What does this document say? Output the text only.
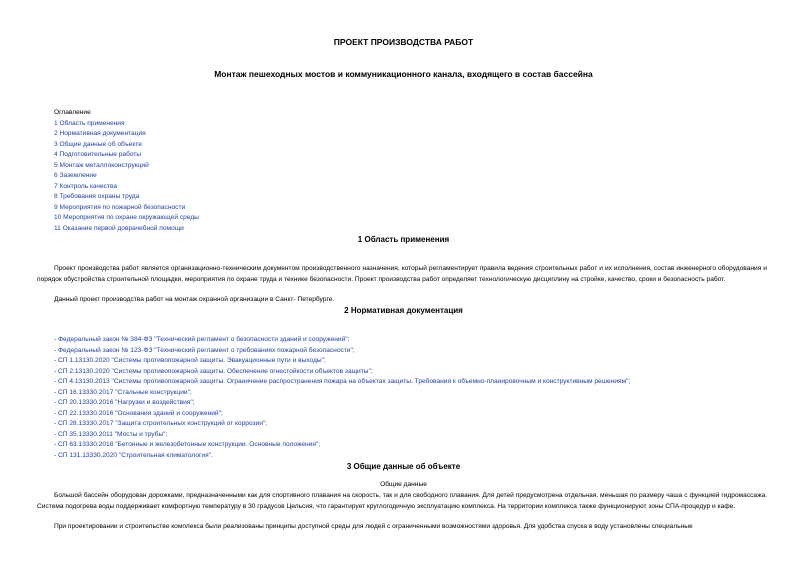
ПРОЕКТ ПРОИЗВОДСТВА РАБОТ
Монтаж пешеходных мостов и коммуникационного канала, входящего в состав бассейна
Оглавление
1 Область применения
2 Нормативная документация
3 Общие данные об объекте
4 Подготовительные работы
5 Монтаж металлоконструкций
6 Заземление
7 Контроль качества
8 Требования охраны труда
9 Мероприятия по пожарной безопасности
10 Мероприятия по охране окружающей среды
11 Оказание первой доврачебной помощи
1 Область применения

Проект производства работ является организационно-техническим документом производственного назначения, который регламентирует правила ведения строительных работ и их исполнения, состав инженерного оборудования и порядок обустройства строительной площадки, мероприятия по охране труда и технике безопасности. Проект производства работ определяет технологическую дисциплину на стройке, качество, сроки и безопасность работ.

Данный проект производства работ на монтаж охранной организации в Санкт- Петербурге.

2 Нормативная документация
- Федеральный закон № 384-ФЗ "Технический регламент о безопасности зданий и сооружений";
- Федеральный закон № 123-ФЗ "Технический регламент о требованиях пожарной безопасности";
- СП 1.13130.2020 "Системы противопожарной защиты. Эвакуационные пути и выходы";
- СП 2.13130.2020 "Системы противопожарной защиты. Обеспечение огнестойкости объектов защиты";
- СП 4.13130.2013 "Системы противопожарной защиты. Ограничение распространения пожара на объектах защиты. Требования к объемно-планировочным и конструктивным решениям";
- СП 16.13330.2017 "Стальные конструкции";
- СП 20.13330.2016 "Нагрузки и воздействия";
- СП 22.13330.2016 "Основания зданий и сооружений";
- СП 28.13330.2017 "Защита строительных конструкций от коррозии";
- СП 35.13330.2011 "Мосты и трубы";
- СП 63.13330.2018 "Бетонные и железобетонные конструкции. Основные положения";
- СП 131.13330.2020 "Строительная климатология".
3 Общие данные об объекте
Общие данные

Большой бассейн оборудован дорожками, предназначенными как для спортивного плавания на скорость, так и для свободного плавания. Для детей предусмотрена отдельная, меньшая по размеру чаша с функцией гидромассажа. Система подогрева воды поддерживает комфортную температуру в 30 градусов Цельсия, что гарантирует круглогодичную эксплуатацию комплекса. На территории комплекса также функционируют зоны СПА-процедур и кафе.

При проектировании и строительстве комплекса были реализованы принципы доступной среды для людей с ограниченными возможностями здоровья. Для удобства спуска в воду установлены специальные
